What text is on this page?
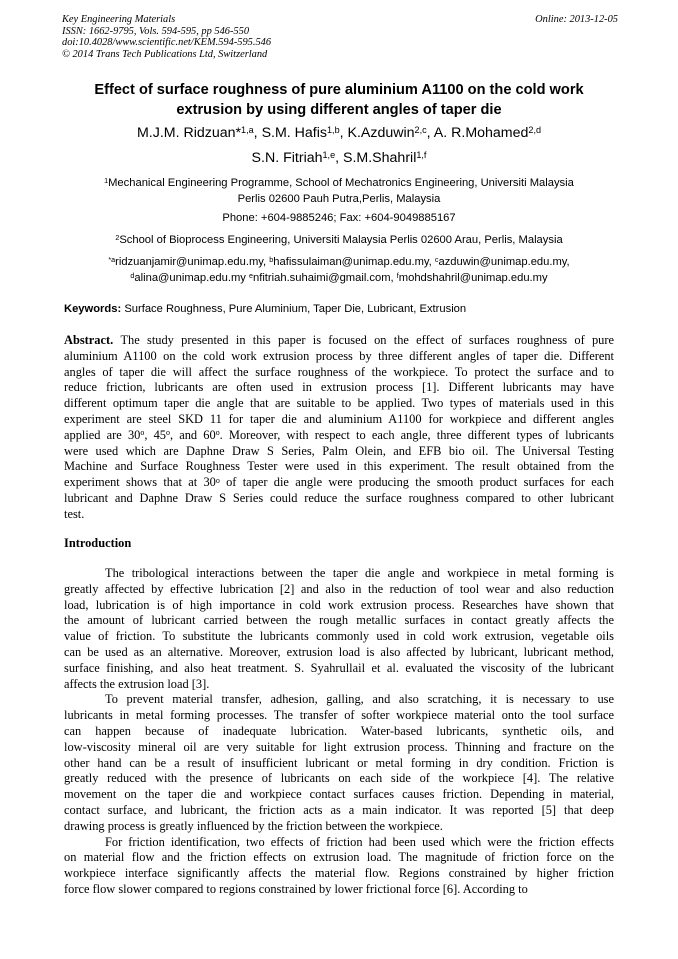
Key Engineering Materials
ISSN: 1662-9795, Vols. 594-595, pp 546-550
doi:10.4028/www.scientific.net/KEM.594-595.546
© 2014 Trans Tech Publications Ltd, Switzerland
Online: 2013-12-05
Effect of surface roughness of pure aluminium A1100 on the cold work
extrusion by using different angles of taper die
M.J.M. Ridzuan*$^{1,a}$, S.M. Hafis$^{1,b}$, K.Azduwin$^{2,c}$, A. R.Mohamed$^{2,d}$
S.N. Fitriah$^{1,e}$, S.M.Shahril$^{1,f}$
$^1$Mechanical Engineering Programme, School of Mechatronics Engineering, Universiti Malaysia
Perlis 02600 Pauh Putra,Perlis, Malaysia
Phone: +604-9885246; Fax: +604-9049885167
$^2$School of Bioprocess Engineering, Universiti Malaysia Perlis 02600 Arau, Perlis, Malaysia
$^{*a}$ridzuanjamir@unimap.edu.my, $^b$hafissulaiman@unimap.edu.my, $^c$azduwin@unimap.edu.my,
$^d$alina@unimap.edu.my $^e$nfitriah.suhaimi@gmail.com, $^f$mohdshahril@unimap.edu.my
Keywords: Surface Roughness, Pure Aluminium, Taper Die, Lubricant, Extrusion
Abstract. The study presented in this paper is focused on the effect of surfaces roughness of pure
aluminium A1100 on the cold work extrusion process by three different angles of taper die. Different
angles of taper die will affect the surface roughness of the workpiece. To protect the surface and to
reduce friction, lubricants are often used in extrusion process [1]. Different lubricants may have
different optimum taper die angle that are suitable to be applied. Two types of materials used in this
experiment are steel SKD 11 for taper die and aluminium A1100 for workpiece and different angles
applied are 30$^o$, 45$^o$, and 60$^o$. Moreover, with respect to each angle, three different types of lubricants
were used which are Daphne Draw S Series, Palm Olein, and EFB bio oil. The Universal Testing
Machine and Surface Roughness Tester were used in this experiment. The result obtained from the
experiment shows that at 30$^o$ of taper die angle were producing the smooth product surfaces for each
lubricant and Daphne Draw S Series could reduce the surface roughness compared to other lubricant
test.
Introduction
The tribological interactions between the taper die angle and workpiece in metal forming is
greatly affected by effective lubrication [2] and also in the reduction of tool wear and also reduction
load, lubrication is of high importance in cold work extrusion process. Researches have shown that
the amount of lubricant carried between the rough metallic surfaces in contact greatly affects the
value of friction. To substitute the lubricants commonly used in cold work extrusion, vegetable oils
can be used as an alternative. Moreover, extrusion load is also affected by lubricant, lubricant method,
surface finishing, and also heat treatment. S. Syahrullail et al. evaluated the viscosity of the lubricant
affects the extrusion load [3].
To prevent material transfer, adhesion, galling, and also scratching, it is necessary to use
lubricants in metal forming processes. The transfer of softer workpiece material onto the tool surface
can happen because of inadequate lubrication. Water-based lubricants, synthetic oils, and
low-viscosity mineral oil are very suitable for light extrusion process. Thinning and fracture on the
other hand can be a result of insufficient lubricant or metal forming in dry condition. Friction is
greatly reduced with the presence of lubricants on each side of the workpiece [4]. The relative
movement on the taper die and workpiece contact surfaces causes friction. Depending in material,
contact surface, and lubricant, the friction acts as a main indicator. It was reported [5] that deep
drawing process is greatly influenced by the friction between the workpiece.
For friction identification, two effects of friction had been used which were the friction effects
on material flow and the friction effects on extrusion load. The magnitude of friction force on the
workpiece interface significantly affects the material flow. Regions constrained by higher friction
force flow slower compared to regions constrained by lower frictional force [6]. According to
